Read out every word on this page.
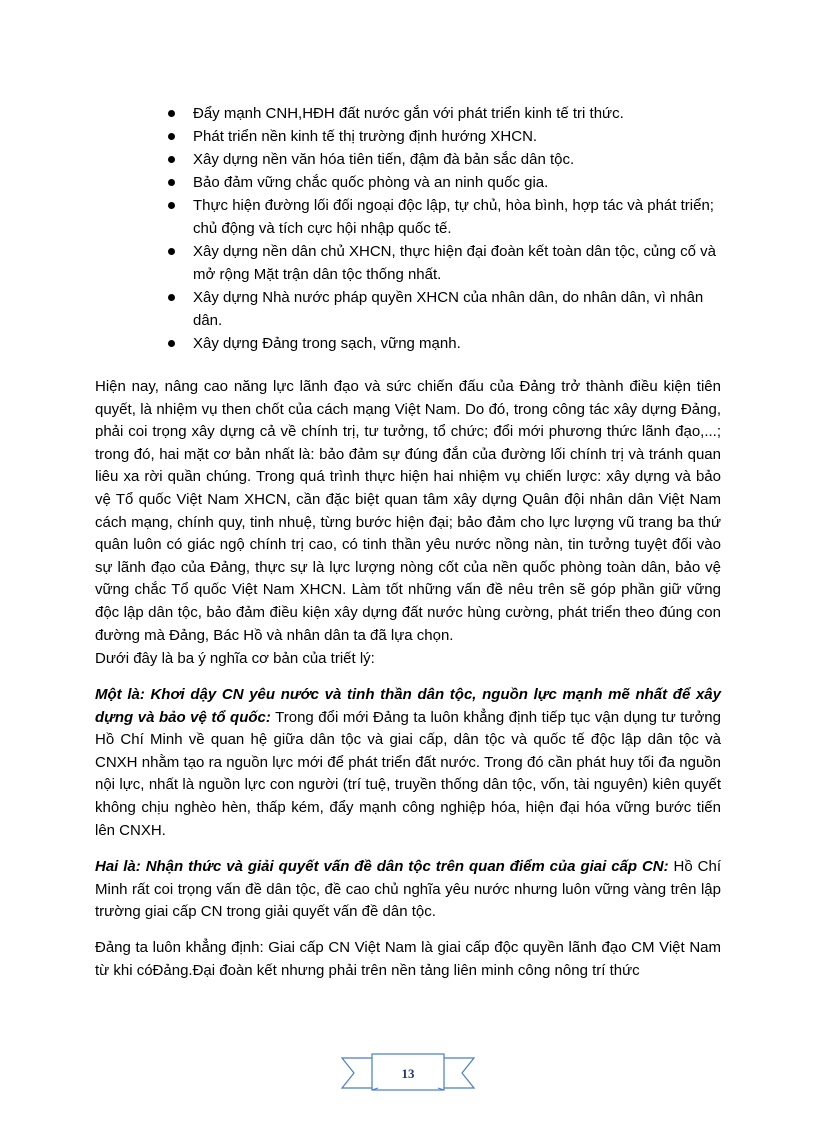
Đẩy mạnh CNH,HĐH đất nước gắn với phát triển kinh tế tri thức.
Phát triển nền kinh tế thị trường định hướng XHCN.
Xây dựng nền văn hóa tiên tiến, đậm đà bản sắc dân tộc.
Bảo đảm vững chắc quốc phòng và an ninh quốc gia.
Thực hiện đường lối đối ngoại độc lập, tự chủ, hòa bình, hợp tác và phát triển; chủ động và tích cực hội nhập quốc tế.
Xây dựng nền dân chủ XHCN, thực hiện đại đoàn kết toàn dân tộc, củng cố và mở rộng Mặt trận dân tộc thống nhất.
Xây dựng Nhà nước pháp quyền XHCN của nhân dân, do nhân dân, vì nhân dân.
Xây dựng Đảng trong sạch, vững mạnh.

Hiện nay, nâng cao năng lực lãnh đạo và sức chiến đấu của Đảng trở thành điều kiện tiên quyết, là nhiệm vụ then chốt của cách mạng Việt Nam. Do đó, trong công tác xây dựng Đảng, phải coi trọng xây dựng cả về chính trị, tư tưởng, tổ chức; đổi mới phương thức lãnh đạo,...; trong đó, hai mặt cơ bản nhất là: bảo đảm sự đúng đắn của đường lối chính trị và tránh quan liêu xa rời quần chúng. Trong quá trình thực hiện hai nhiệm vụ chiến lược: xây dựng và bảo vệ Tổ quốc Việt Nam XHCN, cần đặc biệt quan tâm xây dựng Quân đội nhân dân Việt Nam cách mạng, chính quy, tinh nhuệ, từng bước hiện đại; bảo đảm cho lực lượng vũ trang ba thứ quân luôn có giác ngộ chính trị cao, có tinh thần yêu nước nồng nàn, tin tưởng tuyệt đối vào sự lãnh đạo của Đảng, thực sự là lực lượng nòng cốt của nền quốc phòng toàn dân, bảo vệ vững chắc Tổ quốc Việt Nam XHCN. Làm tốt những vấn đề nêu trên sẽ góp phần giữ vững độc lập dân tộc, bảo đảm điều kiện xây dựng đất nước hùng cường, phát triển theo đúng con đường mà Đảng, Bác Hồ và nhân dân ta đã lựa chọn.

Dưới đây là ba ý nghĩa cơ bản của triết lý:

Một là: Khơi dậy CN yêu nước và tinh thần dân tộc, nguồn lực mạnh mẽ nhất để xây dựng và bảo vệ tổ quốc: Trong đổi mới Đảng ta luôn khẳng định tiếp tục vận dụng tư tưởng Hồ Chí Minh về quan hệ giữa dân tộc và giai cấp, dân tộc và quốc tế độc lập dân tộc và CNXH nhằm tạo ra nguồn lực mới để phát triển đất nước. Trong đó cần phát huy tối đa nguồn nội lực, nhất là nguồn lực con người (trí tuệ, truyền thống dân tộc, vốn, tài nguyên) kiên quyết không chịu nghèo hèn, thấp kém, đẩy mạnh công nghiệp hóa, hiện đại hóa vững bước tiến lên CNXH.

Hai là: Nhận thức và giải quyết vấn đề dân tộc trên quan điểm của giai cấp CN: Hồ Chí Minh rất coi trọng vấn đề dân tộc, đề cao chủ nghĩa yêu nước nhưng luôn vững vàng trên lập trường giai cấp CN trong giải quyết vấn đề dân tộc.

Đảng ta luôn khẳng định: Giai cấp CN Việt Nam là giai cấp độc quyền lãnh đạo CM Việt Nam từ khi cóĐảng.Đại đoàn kết nhưng phải trên nền tảng liên minh công nông trí thức

13
